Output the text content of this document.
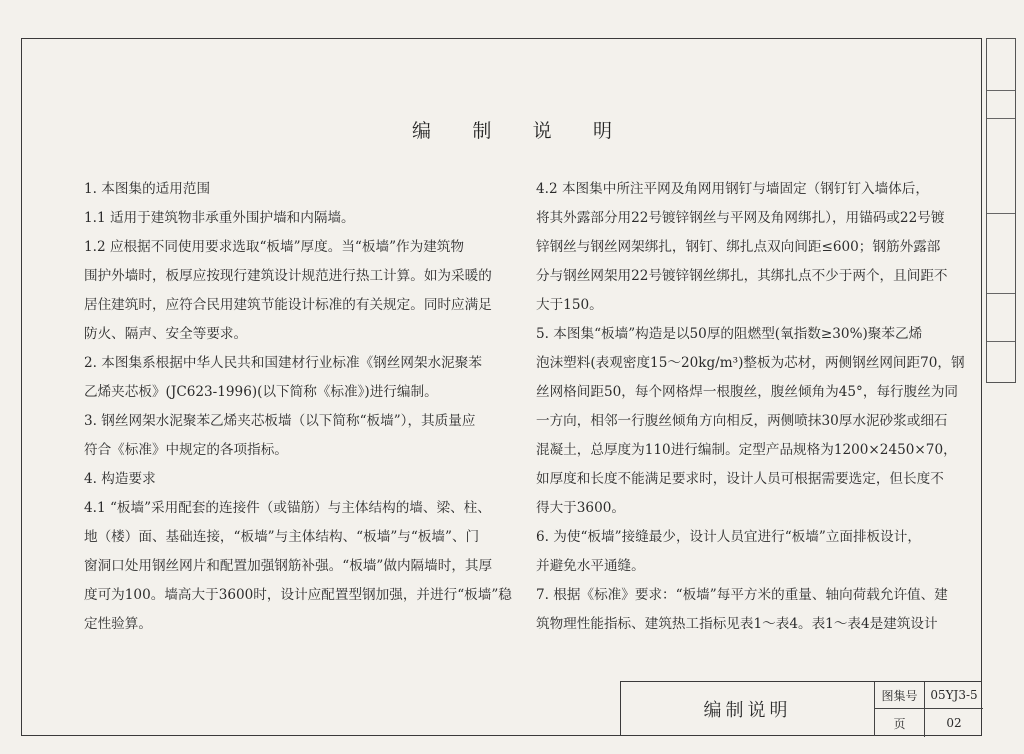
编 制 说 明

1. 本图集的适用范围

1.1 适用于建筑物非承重外围护墙和内隔墙。

1.2 应根据不同使用要求选取“板墙”厚度。当“板墙”作为建筑物

围护外墙时，板厚应按现行建筑设计规范进行热工计算。如为采暖的

居住建筑时，应符合民用建筑节能设计标准的有关规定。同时应满足

防火、隔声、安全等要求。

2. 本图集系根据中华人民共和国建材行业标准《钢丝网架水泥聚苯

乙烯夹芯板》(JC623-1996)(以下简称《标准》)进行编制。

3. 钢丝网架水泥聚苯乙烯夹芯板墙（以下简称“板墙”），其质量应

符合《标准》中规定的各项指标。

4. 构造要求

4.1 “板墙”采用配套的连接件（或锚筋）与主体结构的墙、梁、柱、

地（楼）面、基础连接，“板墙”与主体结构、“板墙”与“板墙”、门

窗洞口处用钢丝网片和配置加强钢筋补强。“板墙”做内隔墙时，其厚

度可为100。墙高大于3600时，设计应配置型钢加强，并进行“板墙”稳

定性验算。

4.2 本图集中所注平网及角网用钢钉与墙固定（钢钉钉入墙体后，

将其外露部分用22号镀锌钢丝与平网及角网绑扎），用锚码或22号镀

锌钢丝与钢丝网架绑扎，钢钉、绑扎点双向间距≤600；钢筋外露部

分与钢丝网架用22号镀锌钢丝绑扎，其绑扎点不少于两个，且间距不

大于150。

5. 本图集“板墙”构造是以50厚的阻燃型(氧指数≥30%)聚苯乙烯

泡沫塑料(表观密度15～20kg/m³)整板为芯材，两侧钢丝网间距70，钢

丝网格间距50，每个网格焊一根腹丝，腹丝倾角为45°，每行腹丝为同

一方向，相邻一行腹丝倾角方向相反，两侧喷抹30厚水泥砂浆或细石

混凝土，总厚度为110进行编制。定型产品规格为1200×2450×70，

如厚度和长度不能满足要求时，设计人员可根据需要选定，但长度不

得大于3600。

6. 为使“板墙”接缝最少，设计人员宜进行“板墙”立面排板设计，

并避免水平通缝。

7. 根据《标准》要求：“板墙”每平方米的重量、轴向荷载允许值、建

筑物理性能指标、建筑热工指标见表1～表4。表1～表4是建筑设计

编制说明
图集号	05YJ3-5
页	02
